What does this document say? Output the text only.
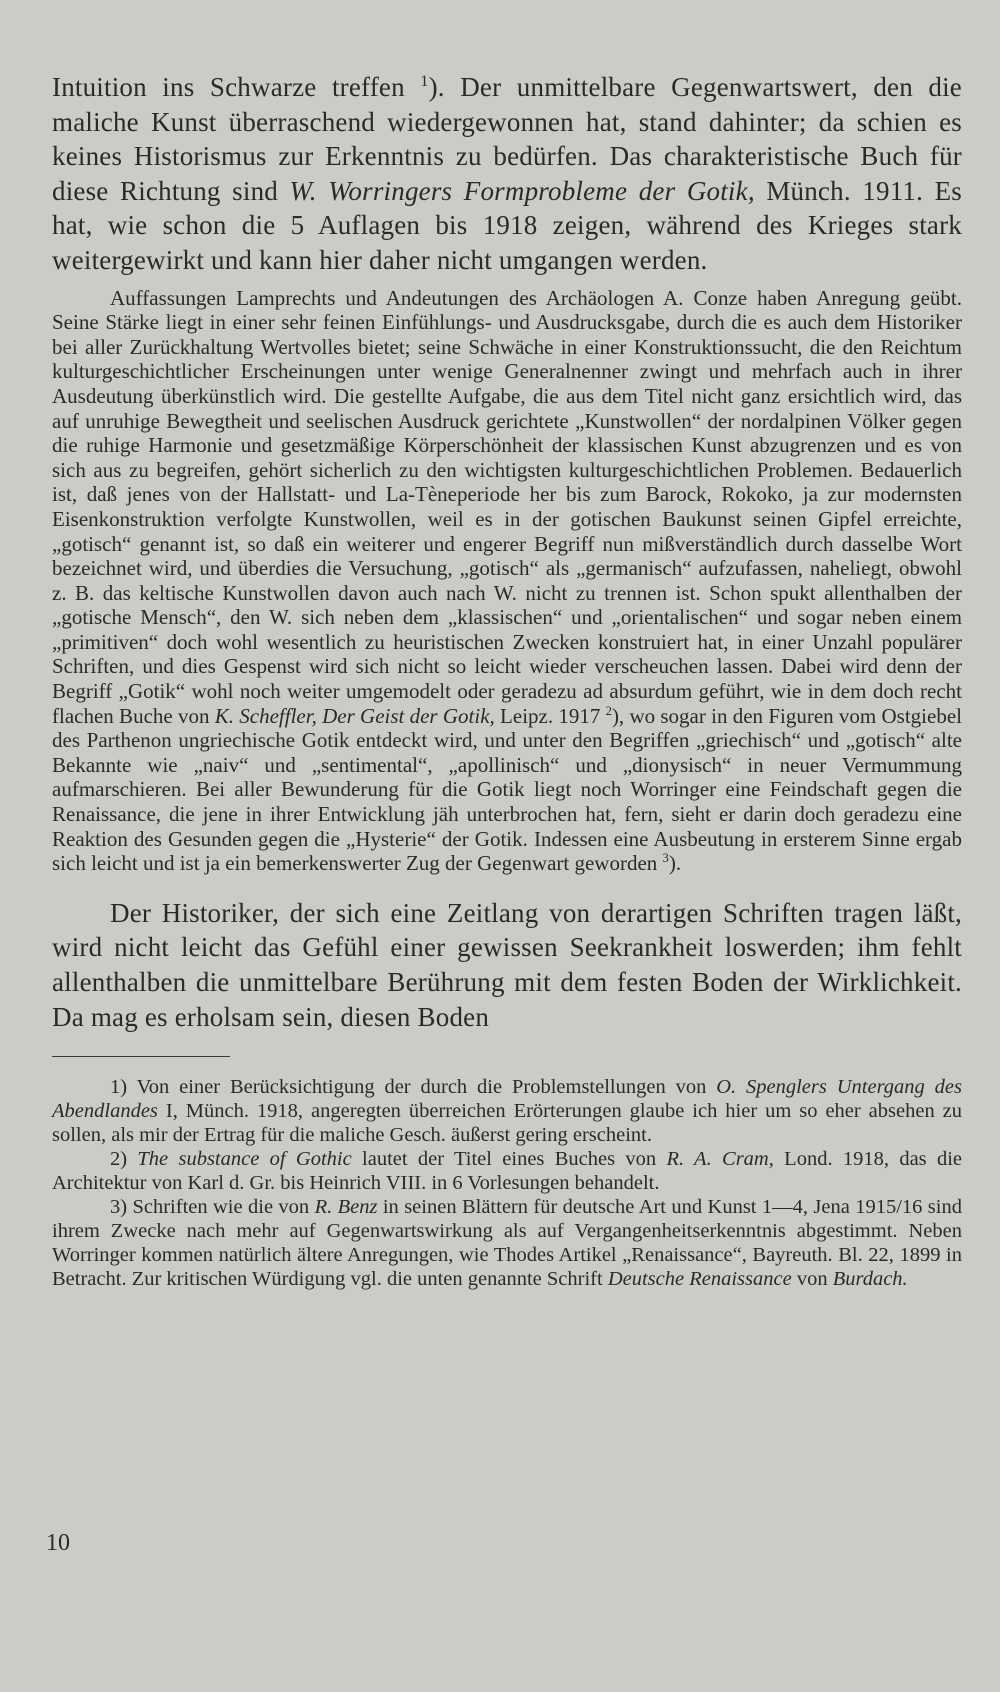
Intuition ins Schwarze treffen $^1$). Der unmittelbare Gegenwartswert, den die maliche Kunst überraschend wiedergewonnen hat, stand dahinter; da schien es keines Historismus zur Erkenntnis zu bedürfen. Das charakteristische Buch für diese Richtung sind W. Worringers Formprobleme der Gotik, Münch. 1911. Es hat, wie schon die 5 Auflagen bis 1918 zeigen, während des Krieges stark weitergewirkt und kann hier daher nicht umgangen werden.

Auffassungen Lamprechts und Andeutungen des Archäologen A. Conze haben Anregung geübt. Seine Stärke liegt in einer sehr feinen Einfühlungs- und Ausdrucksgabe, durch die es auch dem Historiker bei aller Zurückhaltung Wertvolles bietet; seine Schwäche in einer Konstruktionssucht, die den Reichtum kulturgeschichtlicher Erscheinungen unter wenige Generalnenner zwingt und mehrfach auch in ihrer Ausdeutung überkünstlich wird. Die gestellte Aufgabe, die aus dem Titel nicht ganz ersichtlich wird, das auf unruhige Bewegtheit und seelischen Ausdruck gerichtete „Kunstwollen“ der nordalpinen Völker gegen die ruhige Harmonie und gesetzmäßige Körperschönheit der klassischen Kunst abzugrenzen und es von sich aus zu begreifen, gehört sicherlich zu den wichtigsten kulturgeschichtlichen Problemen. Bedauerlich ist, daß jenes von der Hallstatt- und La-Tèneperiode her bis zum Barock, Rokoko, ja zur modernsten Eisenkonstruktion verfolgte Kunstwollen, weil es in der gotischen Baukunst seinen Gipfel erreichte, „gotisch“ genannt ist, so daß ein weiterer und engerer Begriff nun mißverständlich durch dasselbe Wort bezeichnet wird, und überdies die Versuchung, „gotisch“ als „germanisch“ aufzufassen, naheliegt, obwohl z. B. das keltische Kunstwollen davon auch nach W. nicht zu trennen ist. Schon spukt allenthalben der „gotische Mensch“, den W. sich neben dem „klassischen“ und „orientalischen“ und sogar neben einem „primitiven“ doch wohl wesentlich zu heuristischen Zwecken konstruiert hat, in einer Unzahl populärer Schriften, und dies Gespenst wird sich nicht so leicht wieder verscheuchen lassen. Dabei wird denn der Begriff „Gotik“ wohl noch weiter umgemodelt oder geradezu ad absurdum geführt, wie in dem doch recht flachen Buche von K. Scheffler, Der Geist der Gotik, Leipz. 1917 $^2$), wo sogar in den Figuren vom Ostgiebel des Parthenon ungriechische Gotik entdeckt wird, und unter den Begriffen „griechisch“ und „gotisch“ alte Bekannte wie „naiv“ und „sentimental“, „apollinisch“ und „dionysisch“ in neuer Vermummung aufmarschieren. Bei aller Bewunderung für die Gotik liegt noch Worringer eine Feindschaft gegen die Renaissance, die jene in ihrer Entwicklung jäh unterbrochen hat, fern, sieht er darin doch geradezu eine Reaktion des Gesunden gegen die „Hysterie“ der Gotik. Indessen eine Ausbeutung in ersterem Sinne ergab sich leicht und ist ja ein bemerkenswerter Zug der Gegenwart geworden $^3$).

Der Historiker, der sich eine Zeitlang von derartigen Schriften tragen läßt, wird nicht leicht das Gefühl einer gewissen Seekrankheit loswerden; ihm fehlt allenthalben die unmittelbare Berührung mit dem festen Boden der Wirklichkeit. Da mag es erholsam sein, diesen Boden

1) Von einer Berücksichtigung der durch die Problemstellungen von O. Spenglers Untergang des Abendlandes I, Münch. 1918, angeregten überreichen Erörterungen glaube ich hier um so eher absehen zu sollen, als mir der Ertrag für die maliche Gesch. äußerst gering erscheint.

2) The substance of Gothic lautet der Titel eines Buches von R. A. Cram, Lond. 1918, das die Architektur von Karl d. Gr. bis Heinrich VIII. in 6 Vorlesungen behandelt.

3) Schriften wie die von R. Benz in seinen Blättern für deutsche Art und Kunst 1—4, Jena 1915/16 sind ihrem Zwecke nach mehr auf Gegenwartswirkung als auf Vergangenheitserkenntnis abgestimmt. Neben Worringer kommen natürlich ältere Anregungen, wie Thodes Artikel „Renaissance“, Bayreuth. Bl. 22, 1899 in Betracht. Zur kritischen Würdigung vgl. die unten genannte Schrift Deutsche Renaissance von Burdach.

10
